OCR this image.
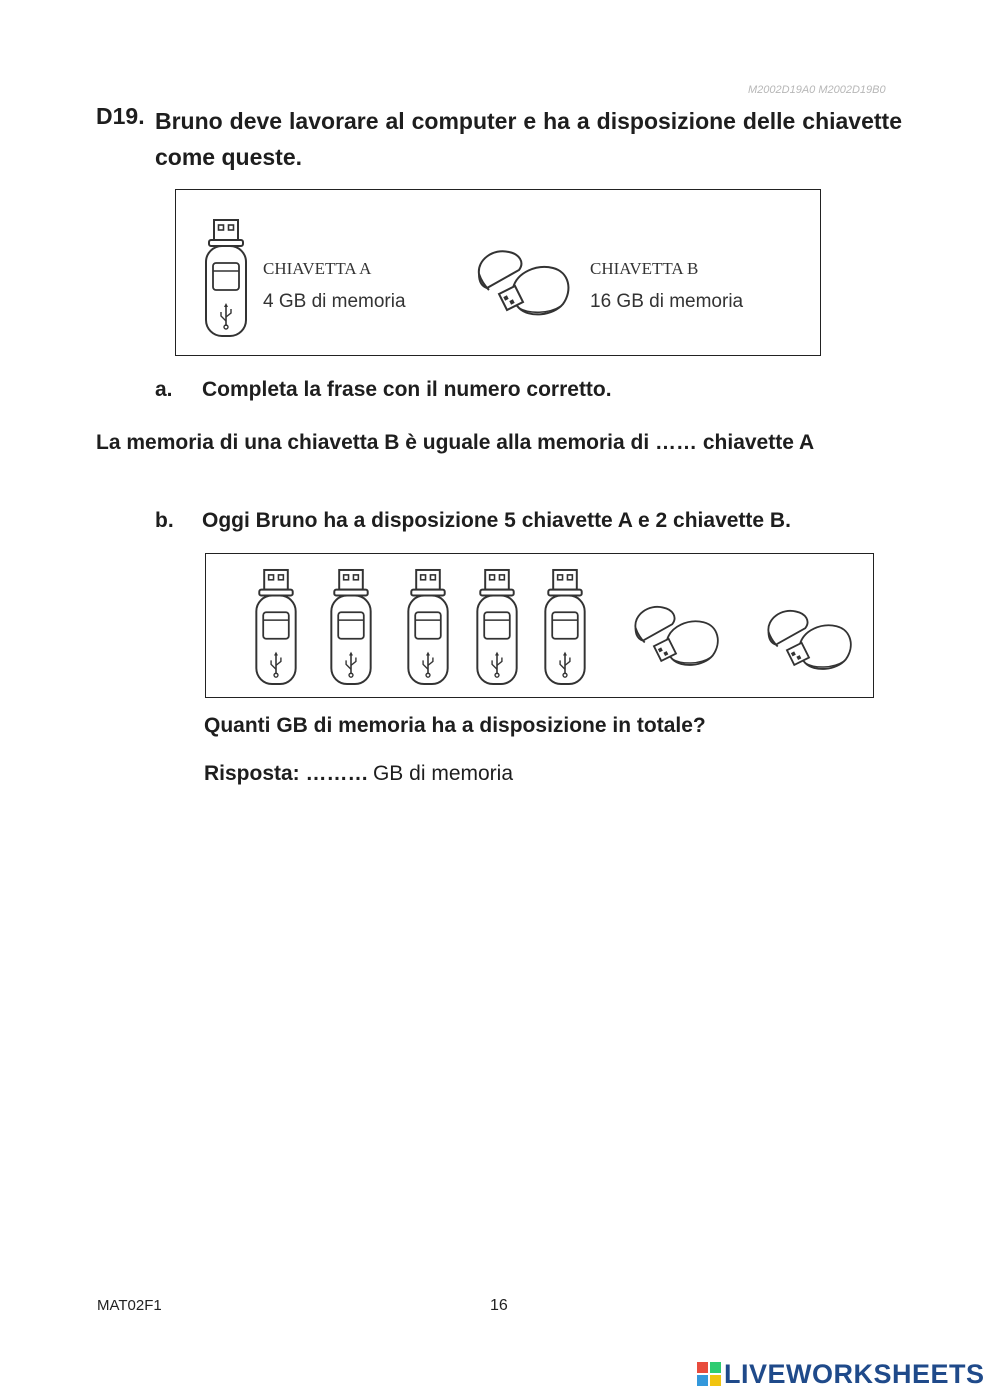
M2002D19A0 M2002D19B0
D19. Bruno deve lavorare al computer e ha a disposizione delle chiavette come queste.
CHIAVETTA A
4 GB di memoria
CHIAVETTA B
16 GB di memoria
a. Completa la frase con il numero corretto.
La memoria di una chiavetta B è uguale alla memoria di …… chiavette A
b. Oggi Bruno ha a disposizione 5 chiavette A e 2 chiavette B.
Quanti GB di memoria ha a disposizione in totale?
Risposta: ……… GB di memoria
MAT02F1	16
LIVEWORKSHEETS
